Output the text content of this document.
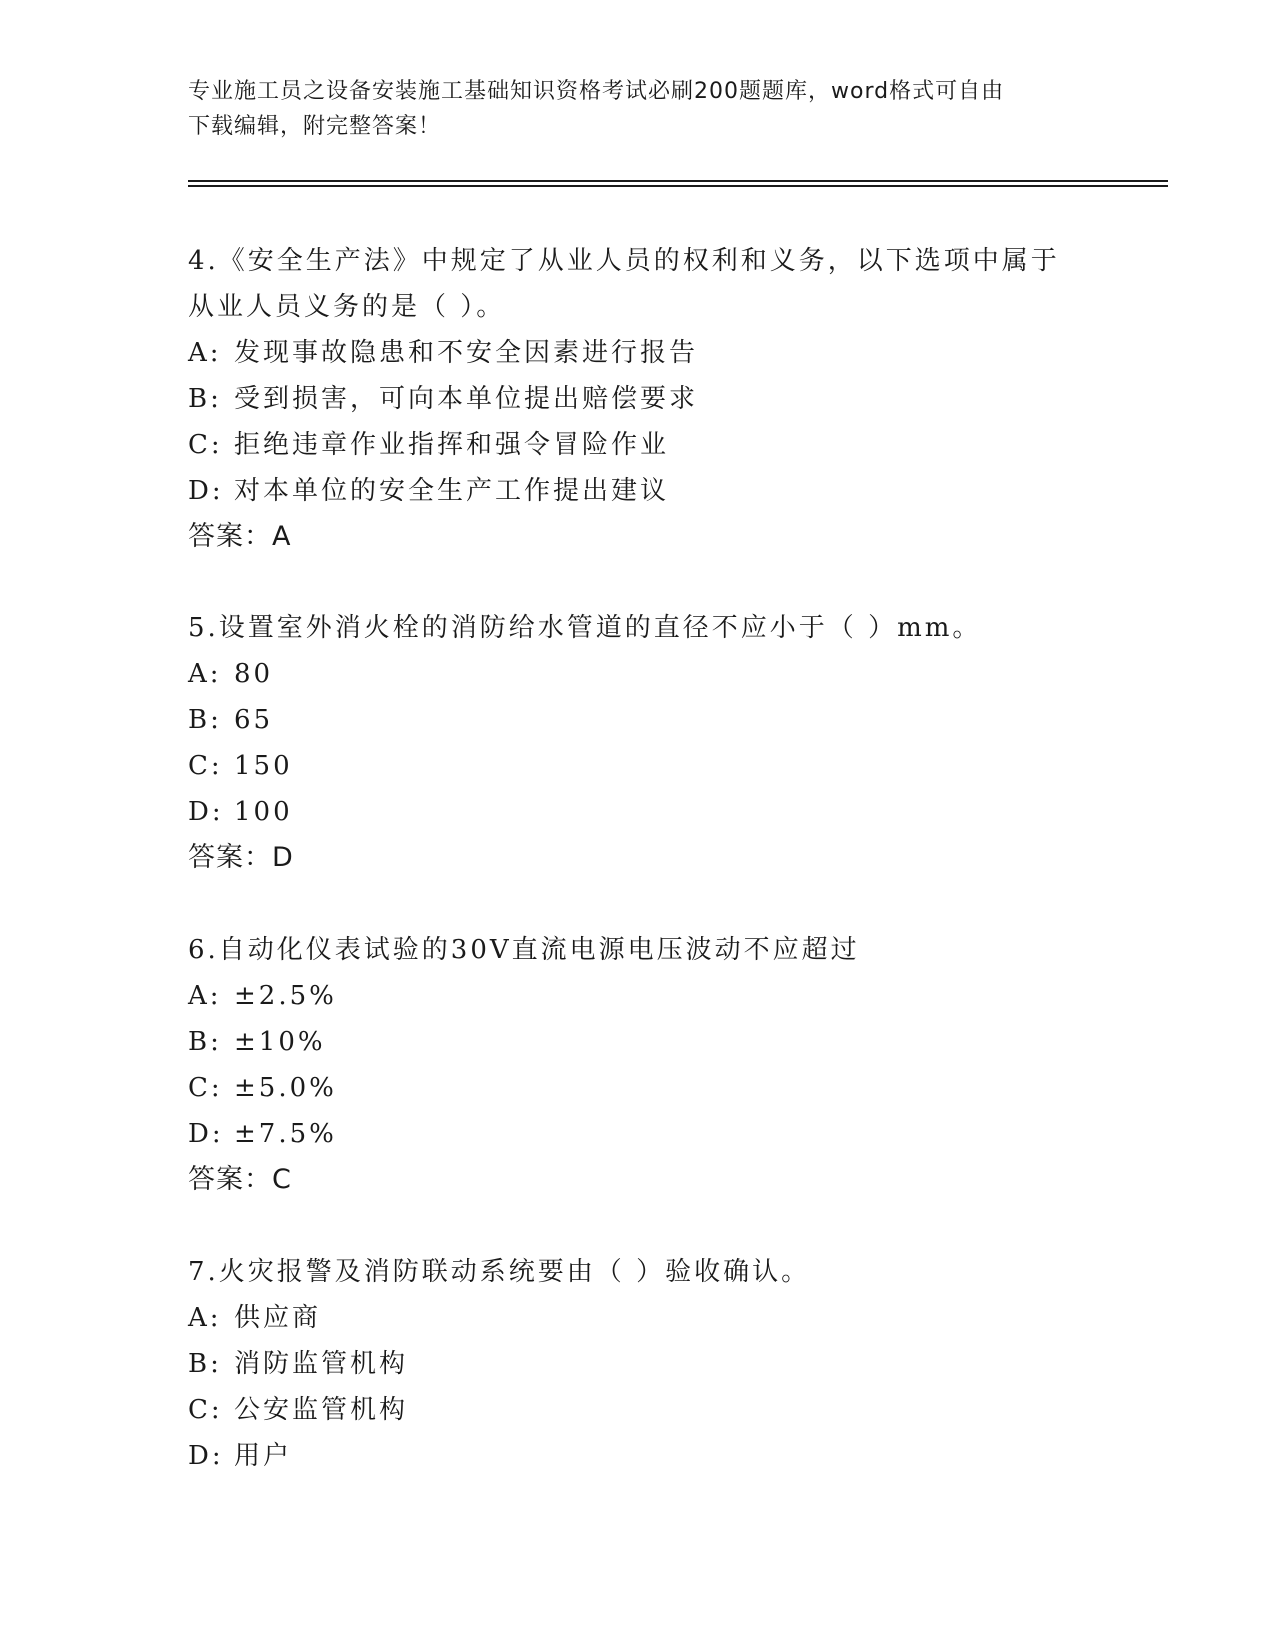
专业施工员之设备安装施工基础知识资格考试必刷200题题库，word格式可自由
下载编辑，附完整答案！

4.《安全生产法》中规定了从业人员的权利和义务，以下选项中属于

从业人员义务的是（ ）。

A: 发现事故隐患和不安全因素进行报告

B: 受到损害，可向本单位提出赔偿要求

C: 拒绝违章作业指挥和强令冒险作业

D: 对本单位的安全生产工作提出建议

答案：A

5.设置室外消火栓的消防给水管道的直径不应小于（ ）mm。

A: 80

B: 65

C: 150

D: 100

答案：D

6.自动化仪表试验的30V直流电源电压波动不应超过

A: ±2.5%

B: ±10%

C: ±5.0%

D: ±7.5%

答案：C

7.火灾报警及消防联动系统要由（ ）验收确认。

A: 供应商

B: 消防监管机构

C: 公安监管机构

D: 用户
